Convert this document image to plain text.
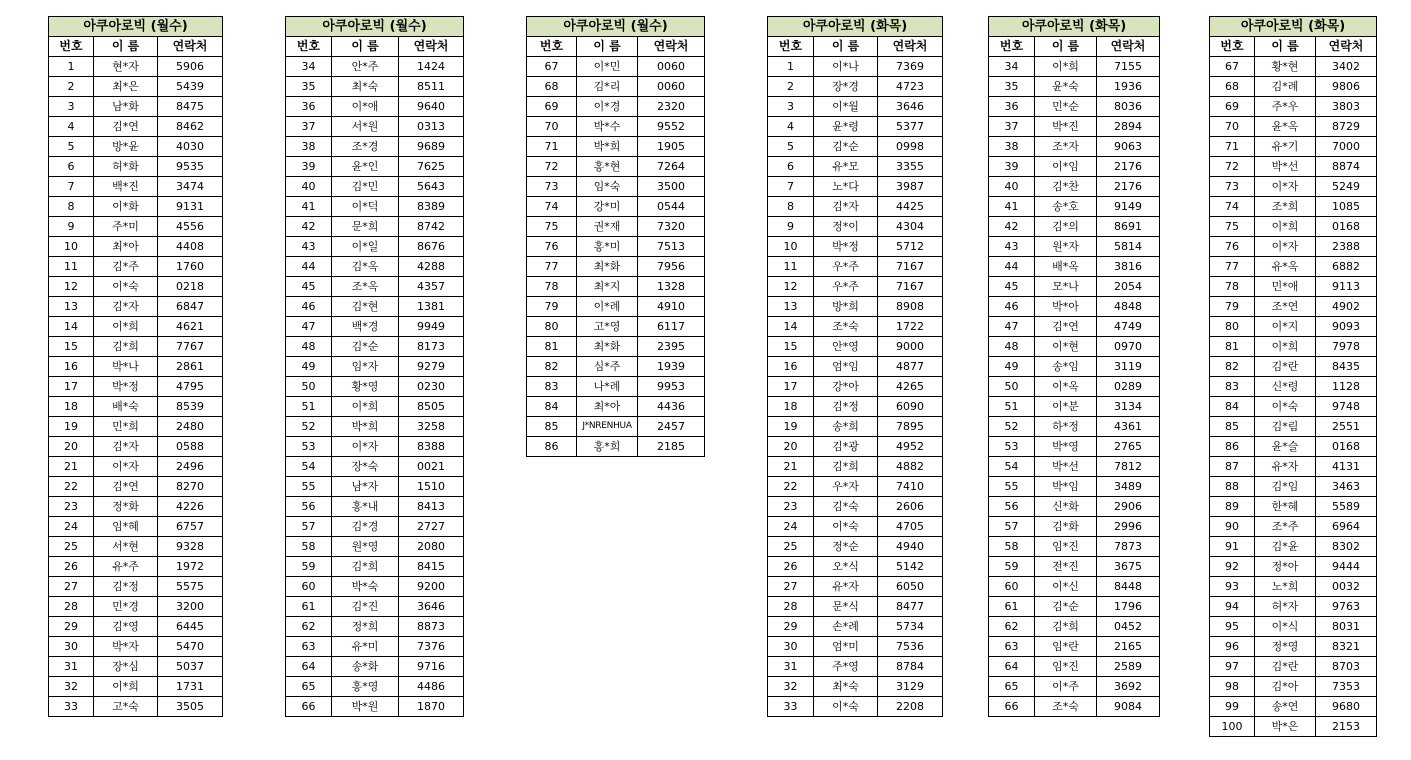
아쿠아로빅 (월수)		
번호	이 름	연락처
1	현*자	5906
2	최*은	5439
3	남*화	8475
4	김*연	8462
5	방*윤	4030
6	허*화	9535
7	백*진	3474
8	이*화	9131
9	주*미	4556
10	최*아	4408
11	김*주	1760
12	이*숙	0218
13	김*자	6847
14	이*희	4621
15	김*희	7767
16	박*나	2861
17	박*정	4795
18	배*숙	8539
19	민*희	2480
20	김*자	0588
21	이*자	2496
22	김*연	8270
23	정*화	4226
24	임*혜	6757
25	서*현	9328
26	유*주	1972
27	김*정	5575
28	민*경	3200
29	김*영	6445
30	박*자	5470
31	장*심	5037
32	이*희	1731
33	고*숙	3505
아쿠아로빅 (월수)		
번호	이 름	연락처
34	안*주	1424
35	최*숙	8511
36	이*애	9640
37	서*원	0313
38	조*경	9689
39	윤*인	7625
40	김*민	5643
41	이*덕	8389
42	문*희	8742
43	이*일	8676
44	김*옥	4288
45	조*옥	4357
46	김*현	1381
47	백*경	9949
48	김*순	8173
49	임*자	9279
50	황*영	0230
51	이*희	8505
52	박*희	3258
53	이*자	8388
54	장*숙	0021
55	남*자	1510
56	홍*내	8413
57	김*경	2727
58	원*영	2080
59	김*희	8415
60	박*숙	9200
61	김*진	3646
62	정*희	8873
63	유*미	7376
64	송*화	9716
65	홍*영	4486
66	박*원	1870
아쿠아로빅 (월수)		
번호	이 름	연락처
67	이*민	0060
68	김*리	0060
69	이*경	2320
70	박*수	9552
71	박*희	1905
72	홍*현	7264
73	임*숙	3500
74	강*미	0544
75	권*재	7320
76	홍*미	7513
77	최*화	7956
78	최*지	1328
79	이*례	4910
80	고*영	6117
81	최*화	2395
82	심*주	1939
83	나*례	9953
84	최*아	4436
85	J*NRENHUA	2457
86	홍*희	2185
아쿠아로빅 (화목)		
번호	이 름	연락처
1	이*나	7369
2	장*경	4723
3	이*월	3646
4	윤*령	5377
5	김*순	0998
6	유*모	3355
7	노*다	3987
8	김*자	4425
9	정*이	4304
10	박*정	5712
11	우*주	7167
12	우*주	7167
13	방*희	8908
14	조*숙	1722
15	안*영	9000
16	엄*임	4877
17	강*아	4265
18	김*정	6090
19	송*희	7895
20	김*광	4952
21	김*희	4882
22	우*자	7410
23	김*숙	2606
24	이*숙	4705
25	정*순	4940
26	오*식	5142
27	유*자	6050
28	문*식	8477
29	손*례	5734
30	엄*미	7536
31	주*영	8784
32	최*숙	3129
33	이*숙	2208
아쿠아로빅 (화목)		
번호	이 름	연락처
34	이*희	7155
35	윤*숙	1936
36	민*순	8036
37	박*진	2894
38	조*자	9063
39	이*임	2176
40	김*찬	2176
41	송*호	9149
42	김*의	8691
43	원*자	5814
44	배*옥	3816
45	모*나	2054
46	박*아	4848
47	김*연	4749
48	이*현	0970
49	송*임	3119
50	이*옥	0289
51	이*분	3134
52	하*정	4361
53	박*영	2765
54	박*선	7812
55	박*임	3489
56	신*화	2906
57	김*화	2996
58	임*진	7873
59	전*진	3675
60	이*신	8448
61	김*순	1796
62	김*희	0452
63	임*란	2165
64	임*진	2589
65	이*주	3692
66	조*숙	9084
아쿠아로빅 (화목)		
번호	이 름	연락처
67	황*현	3402
68	김*례	9806
69	주*우	3803
70	윤*옥	8729
71	유*기	7000
72	박*선	8874
73	이*자	5249
74	조*희	1085
75	이*희	0168
76	이*자	2388
77	유*옥	6882
78	민*애	9113
79	조*연	4902
80	이*지	9093
81	이*희	7978
82	김*란	8435
83	신*령	1128
84	이*숙	9748
85	김*림	2551
86	윤*슬	0168
87	유*자	4131
88	김*임	3463
89	한*혜	5589
90	조*주	6964
91	김*윤	8302
92	정*아	9444
93	노*희	0032
94	허*자	9763
95	이*식	8031
96	정*영	8321
97	김*란	8703
98	김*아	7353
99	송*연	9680
100	박*은	2153
